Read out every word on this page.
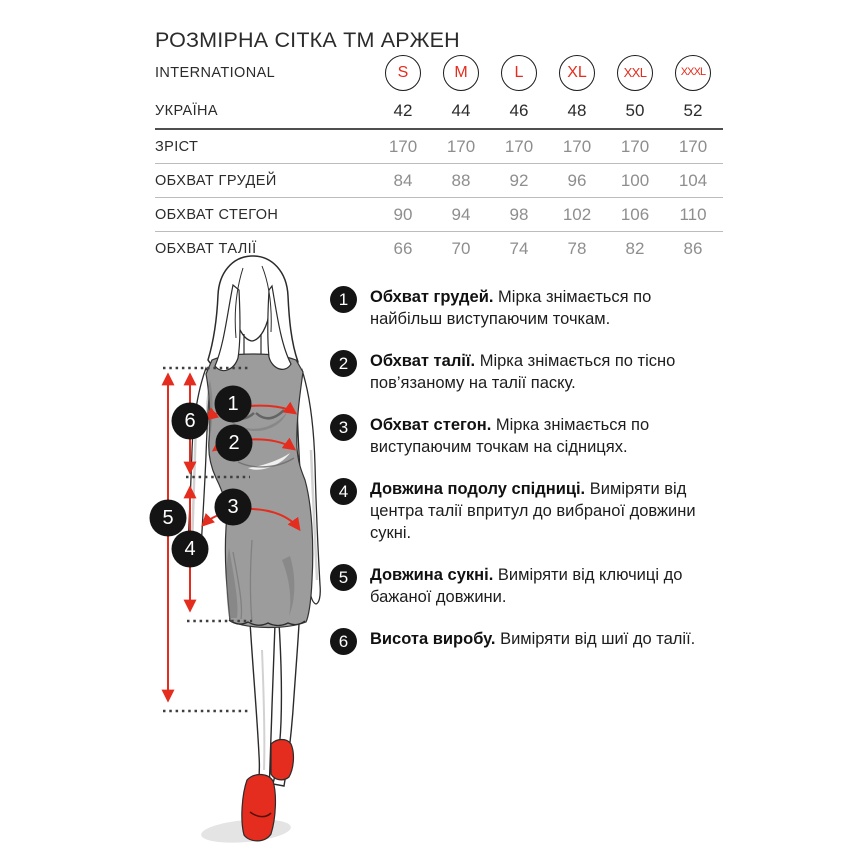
РОЗМІРНА СІТКА ТМ АРЖЕН
INTERNATIONAL	S	M	L	XL	XXL	XXXL
УКРАЇНА	42	44	46	48	50	52
ЗРІСТ	170	170	170	170	170	170
ОБХВАТ ГРУДЕЙ	84	88	92	96	100	104
ОБХВАТ СТЕГОН	90	94	98	102	106	110
ОБХВАТ ТАЛІЇ	66	70	74	78	82	86
1
2
3
4
5
6
1	Обхват грудей. Мірка знімається по найбільш виступаючим точкам.

2	Обхват талії. Мірка знімається по тісно пов’язаному на талії паску.

3	Обхват стегон. Мірка знімається по виступаючим точкам на сідницях.

4	Довжина подолу спідниці. Виміряти від центра талії впритул до вибраної довжини сукні.

5	Довжина сукні. Виміряти від ключиці до бажаної довжини.

6	Висота виробу. Виміряти від шиї до талії.
